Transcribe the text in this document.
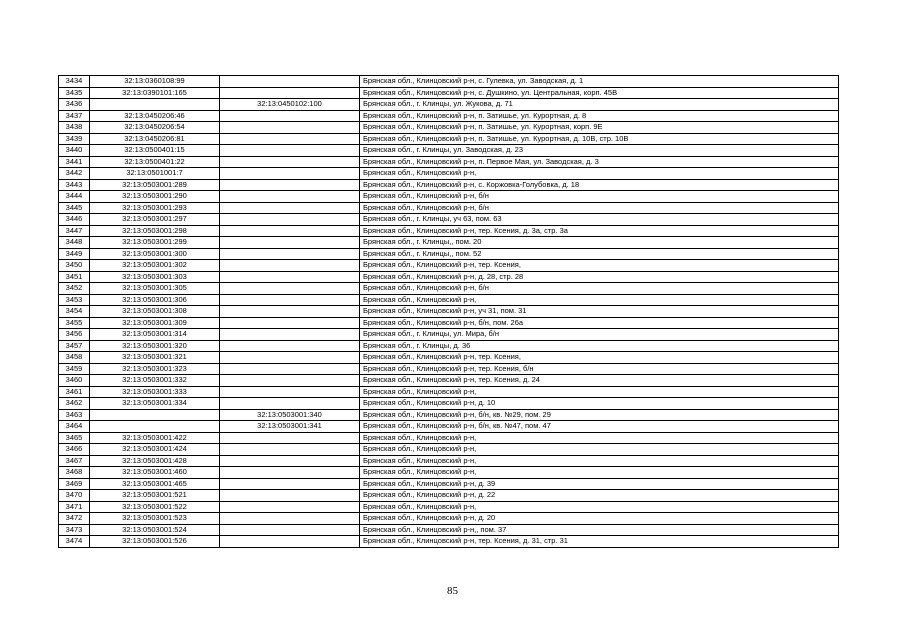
3434	32:13:0360108:99		Брянская обл., Клинцовский р-н, с. Гулевка, ул. Заводская, д. 1
3435	32:13:0390101:165		Брянская обл., Клинцовский р-н, с. Душкино, ул. Центральная, корп. 45В
3436		32:13:0450102:100	Брянская обл., г. Клинцы, ул. Жукова, д. 71
3437	32:13:0450206:46		Брянская обл., Клинцовский р-н, п. Затишье, ул. Курортная, д. 8
3438	32:13:0450206:54		Брянская обл., Клинцовский р-н, п. Затишье, ул. Курортная, корп. 9Е
3439	32:13:0450206:81		Брянская обл., Клинцовский р-н, п. Затишье, ул. Курортная, д. 10В, стр. 10В
3440	32:13:0500401:15		Брянская обл., г. Клинцы, ул. Заводская, д. 23
3441	32:13:0500401:22		Брянская обл., Клинцовский р-н, п. Первое Мая, ул. Заводская, д. 3
3442	32:13:0501001:7		Брянская обл., Клинцовский р-н,
3443	32:13:0503001:289		Брянская обл., Клинцовский р-н, с. Коржовка-Голубовка, д. 18
3444	32:13:0503001:290		Брянская обл., Клинцовский р-н, б/н
3445	32:13:0503001:293		Брянская обл., Клинцовский р-н, б/н
3446	32:13:0503001:297		Брянская обл., г. Клинцы, уч 63, пом. 63
3447	32:13:0503001:298		Брянская обл., Клинцовский р-н, тер. Ксения, д. 3а, стр. 3а
3448	32:13:0503001:299		Брянская обл., г. Клинцы,, пом. 20
3449	32:13:0503001:300		Брянская обл., г. Клинцы,, пом. 52
3450	32:13:0503001:302		Брянская обл., Клинцовский р-н, тер. Ксения,
3451	32:13:0503001:303		Брянская обл., Клинцовский р-н, д. 28, стр. 28
3452	32:13:0503001:305		Брянская обл., Клинцовский р-н, б/н
3453	32:13:0503001:306		Брянская обл., Клинцовский р-н,
3454	32:13:0503001:308		Брянская обл., Клинцовский р-н, уч 31, пом. 31
3455	32:13:0503001:309		Брянская обл., Клинцовский р-н, б/н, пом. 26а
3456	32:13:0503001:314		Брянская обл., г. Клинцы, ул. Мира, б/н
3457	32:13:0503001:320		Брянская обл., г. Клинцы, д. 36
3458	32:13:0503001:321		Брянская обл., Клинцовский р-н, тер. Ксения,
3459	32:13:0503001:323		Брянская обл., Клинцовский р-н, тер. Ксения, б/н
3460	32:13:0503001:332		Брянская обл., Клинцовский р-н, тер. Ксения, д. 24
3461	32:13:0503001:333		Брянская обл., Клинцовский р-н,
3462	32:13:0503001:334		Брянская обл., Клинцовский р-н, д. 10
3463		32:13:0503001:340	Брянская обл., Клинцовский р-н, б/н, кв. №29, пом. 29
3464		32:13:0503001:341	Брянская обл., Клинцовский р-н, б/н, кв. №47, пом. 47
3465	32:13:0503001:422		Брянская обл., Клинцовский р-н,
3466	32:13:0503001:424		Брянская обл., Клинцовский р-н,
3467	32:13:0503001:428		Брянская обл., Клинцовский р-н,
3468	32:13:0503001:460		Брянская обл., Клинцовский р-н,
3469	32:13:0503001:465		Брянская обл., Клинцовский р-н, д. 39
3470	32:13:0503001:521		Брянская обл., Клинцовский р-н, д. 22
3471	32:13:0503001:522		Брянская обл., Клинцовский р-н,
3472	32:13:0503001:523		Брянская обл., Клинцовский р-н, д. 20
3473	32:13:0503001:524		Брянская обл., Клинцовский р-н,, пом. 37
3474	32:13:0503001:526		Брянская обл., Клинцовский р-н, тер. Ксения, д. 31, стр. 31
85
